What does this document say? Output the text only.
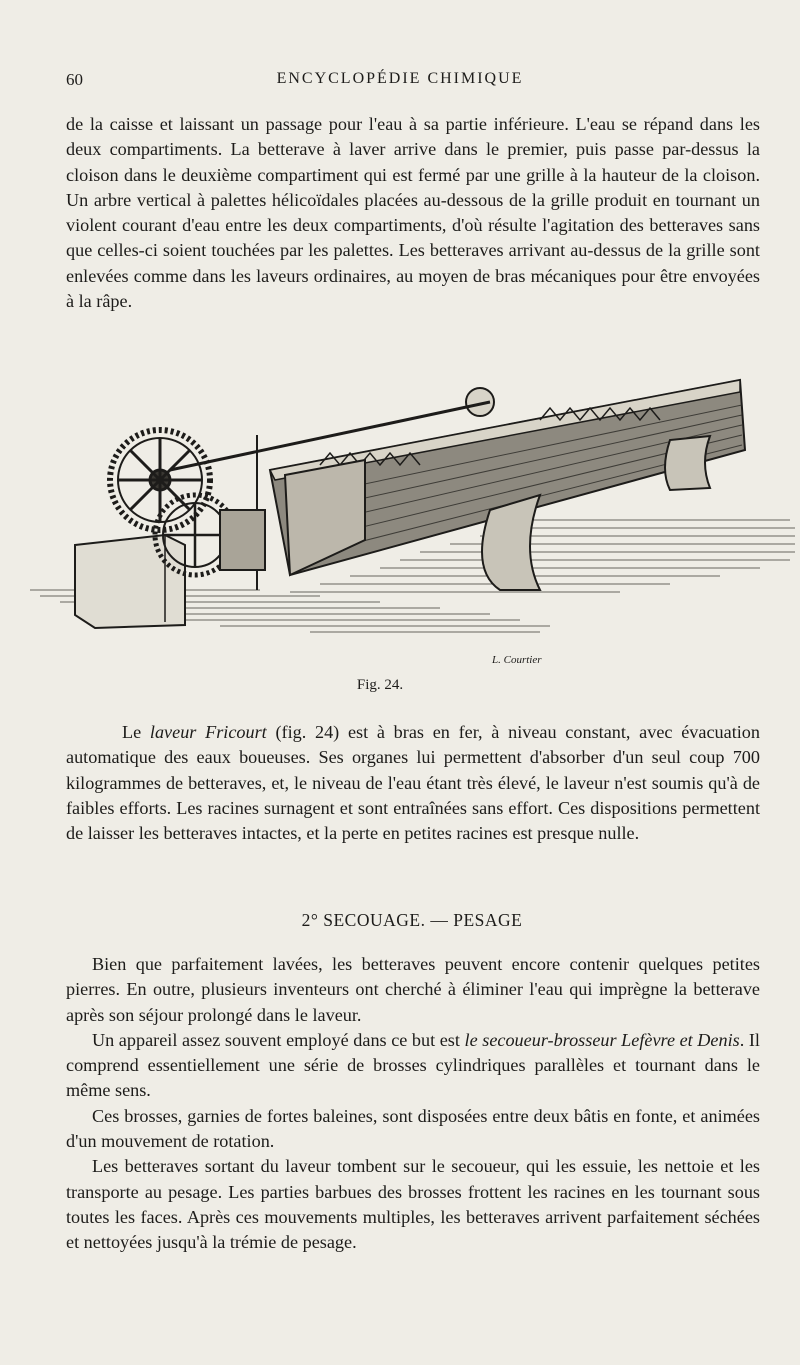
60	ENCYCLOPÉDIE CHIMIQUE
de la caisse et laissant un passage pour l'eau à sa partie inférieure. L'eau se répand dans les deux compartiments. La betterave à laver arrive dans le premier, puis passe par-dessus la cloison dans le deuxième compartiment qui est fermé par une grille à la hauteur de la cloison. Un arbre vertical à palettes hélicoïdales placées au-dessous de la grille produit en tournant un violent courant d'eau entre les deux compartiments, d'où résulte l'agitation des betteraves sans que celles-ci soient touchées par les palettes. Les betteraves arrivant au-dessus de la grille sont enlevées comme dans les laveurs ordinaires, au moyen de bras mécaniques pour être envoyées à la râpe.
L. Courtier
Fig. 24.
Le laveur Fricourt (fig. 24) est à bras en fer, à niveau constant, avec évacuation automatique des eaux boueuses. Ses organes lui permettent d'absorber d'un seul coup 700 kilogrammes de betteraves, et, le niveau de l'eau étant très élevé, le laveur n'est soumis qu'à de faibles efforts. Les racines surnagent et sont entraînées sans effort. Ces dispositions permettent de laisser les betteraves intactes, et la perte en petites racines est presque nulle.
2° SECOUAGE. — PESAGE

Bien que parfaitement lavées, les betteraves peuvent encore contenir quelques petites pierres. En outre, plusieurs inventeurs ont cherché à éliminer l'eau qui imprègne la betterave après son séjour prolongé dans le laveur.

Un appareil assez souvent employé dans ce but est le secoueur-brosseur Lefèvre et Denis. Il comprend essentiellement une série de brosses cylindriques parallèles et tournant dans le même sens.

Ces brosses, garnies de fortes baleines, sont disposées entre deux bâtis en fonte, et animées d'un mouvement de rotation.

Les betteraves sortant du laveur tombent sur le secoueur, qui les essuie, les nettoie et les transporte au pesage. Les parties barbues des brosses frottent les racines en les tournant sous toutes les faces. Après ces mouvements multiples, les betteraves arrivent parfaitement séchées et nettoyées jusqu'à la trémie de pesage.
